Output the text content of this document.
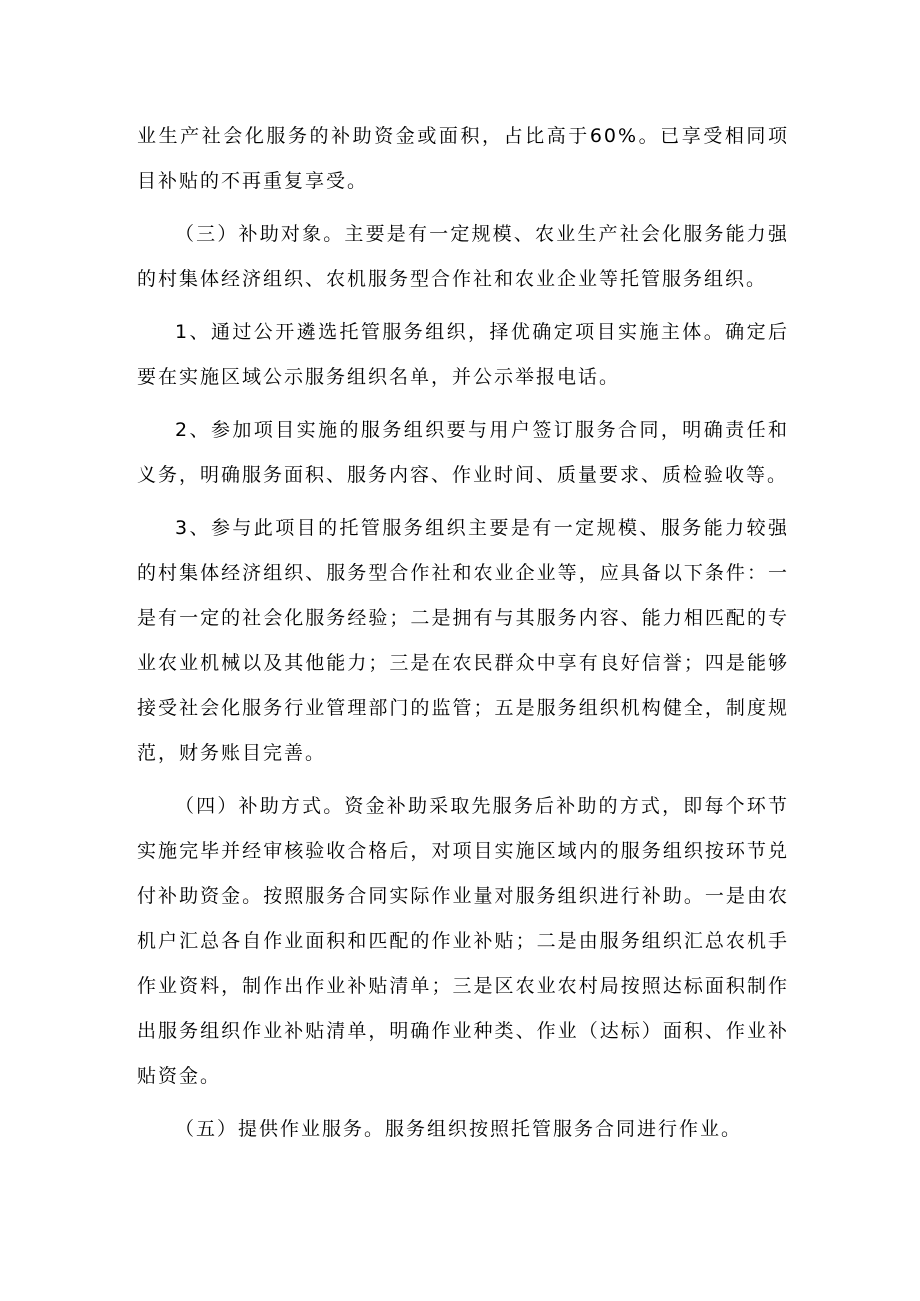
业生产社会化服务的补助资金或面积，占比高于60%。已享受相同项目补贴的不再重复享受。

（三）补助对象。主要是有一定规模、农业生产社会化服务能力强的村集体经济组织、农机服务型合作社和农业企业等托管服务组织。

1、通过公开遴选托管服务组织，择优确定项目实施主体。确定后要在实施区域公示服务组织名单，并公示举报电话。

2、参加项目实施的服务组织要与用户签订服务合同，明确责任和义务，明确服务面积、服务内容、作业时间、质量要求、质检验收等。

3、参与此项目的托管服务组织主要是有一定规模、服务能力较强的村集体经济组织、服务型合作社和农业企业等，应具备以下条件：一是有一定的社会化服务经验；二是拥有与其服务内容、能力相匹配的专业农业机械以及其他能力；三是在农民群众中享有良好信誉；四是能够接受社会化服务行业管理部门的监管；五是服务组织机构健全，制度规范，财务账目完善。

（四）补助方式。资金补助采取先服务后补助的方式，即每个环节实施完毕并经审核验收合格后，对项目实施区域内的服务组织按环节兑付补助资金。按照服务合同实际作业量对服务组织进行补助。一是由农机户汇总各自作业面积和匹配的作业补贴；二是由服务组织汇总农机手作业资料，制作出作业补贴清单；三是区农业农村局按照达标面积制作出服务组织作业补贴清单，明确作业种类、作业（达标）面积、作业补贴资金。

（五）提供作业服务。服务组织按照托管服务合同进行作业。
